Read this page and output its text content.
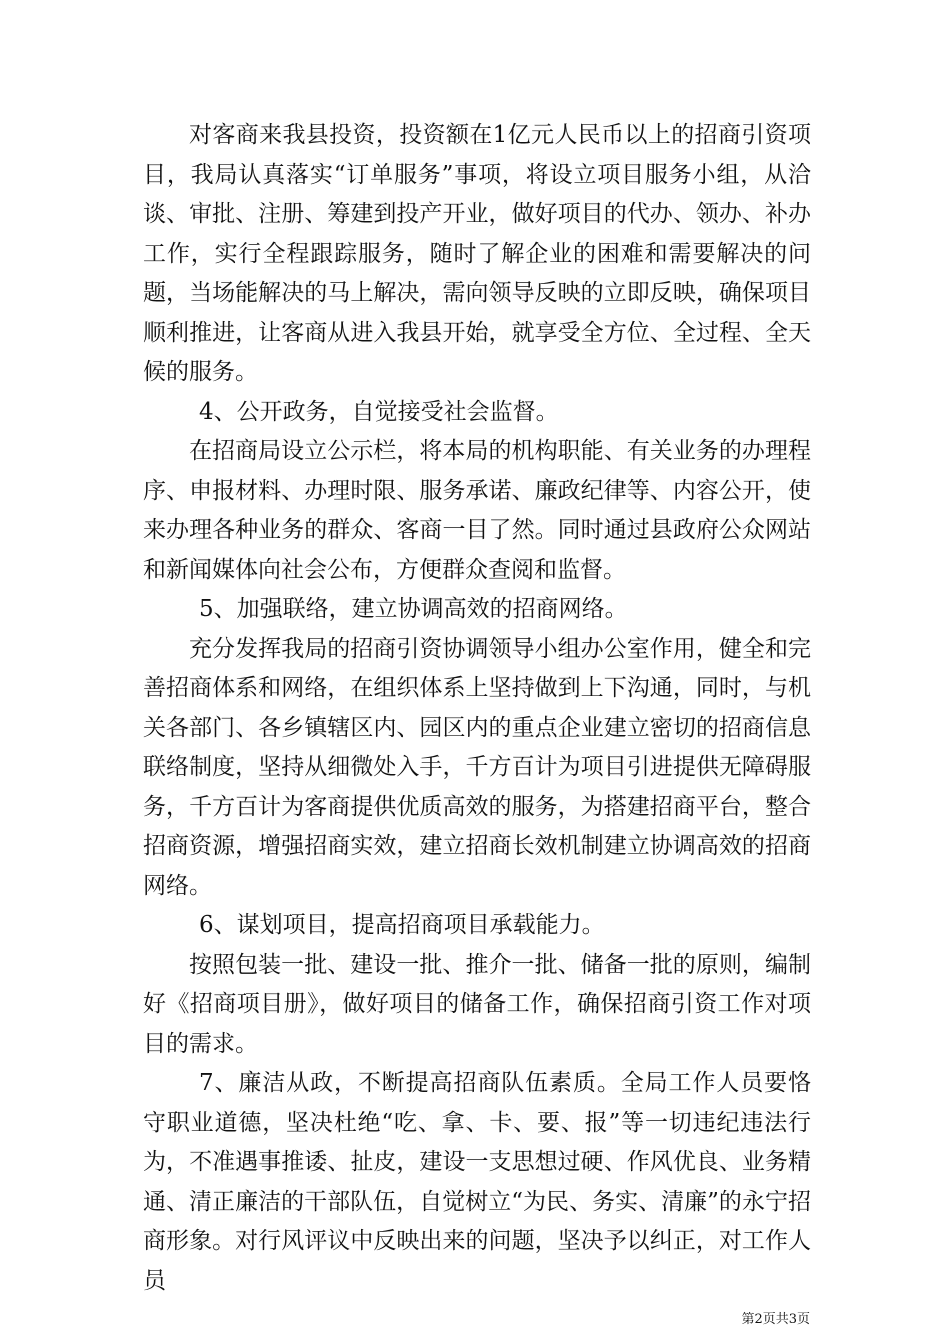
对客商来我县投资，投资额在1亿元人民币以上的招商引资项目，我局认真落实“订单服务”事项，将设立项目服务小组，从洽谈、审批、注册、筹建到投产开业，做好项目的代办、领办、补办工作，实行全程跟踪服务，随时了解企业的困难和需要解决的问题，当场能解决的马上解决，需向领导反映的立即反映，确保项目顺利推进，让客商从进入我县开始，就享受全方位、全过程、全天候的服务。

4、公开政务，自觉接受社会监督。

在招商局设立公示栏，将本局的机构职能、有关业务的办理程序、申报材料、办理时限、服务承诺、廉政纪律等、内容公开，使来办理各种业务的群众、客商一目了然。同时通过县政府公众网站和新闻媒体向社会公布，方便群众查阅和监督。

5、加强联络，建立协调高效的招商网络。

充分发挥我局的招商引资协调领导小组办公室作用，健全和完善招商体系和网络，在组织体系上坚持做到上下沟通，同时，与机关各部门、各乡镇辖区内、园区内的重点企业建立密切的招商信息联络制度，坚持从细微处入手，千方百计为项目引进提供无障碍服务，千方百计为客商提供优质高效的服务，为搭建招商平台，整合招商资源，增强招商实效，建立招商长效机制建立协调高效的招商网络。

6、谋划项目，提高招商项目承载能力。

按照包装一批、建设一批、推介一批、储备一批的原则，编制好《招商项目册》，做好项目的储备工作，确保招商引资工作对项目的需求。

7、廉洁从政，不断提高招商队伍素质。全局工作人员要恪守职业道德，坚决杜绝“吃、拿、卡、要、报”等一切违纪违法行为，不准遇事推诿、扯皮，建设一支思想过硬、作风优良、业务精通、清正廉洁的干部队伍，自觉树立“为民、务实、清廉”的永宁招商形象。对行风评议中反映出来的问题，坚决予以纠正，对工作人员

第2页共3页
